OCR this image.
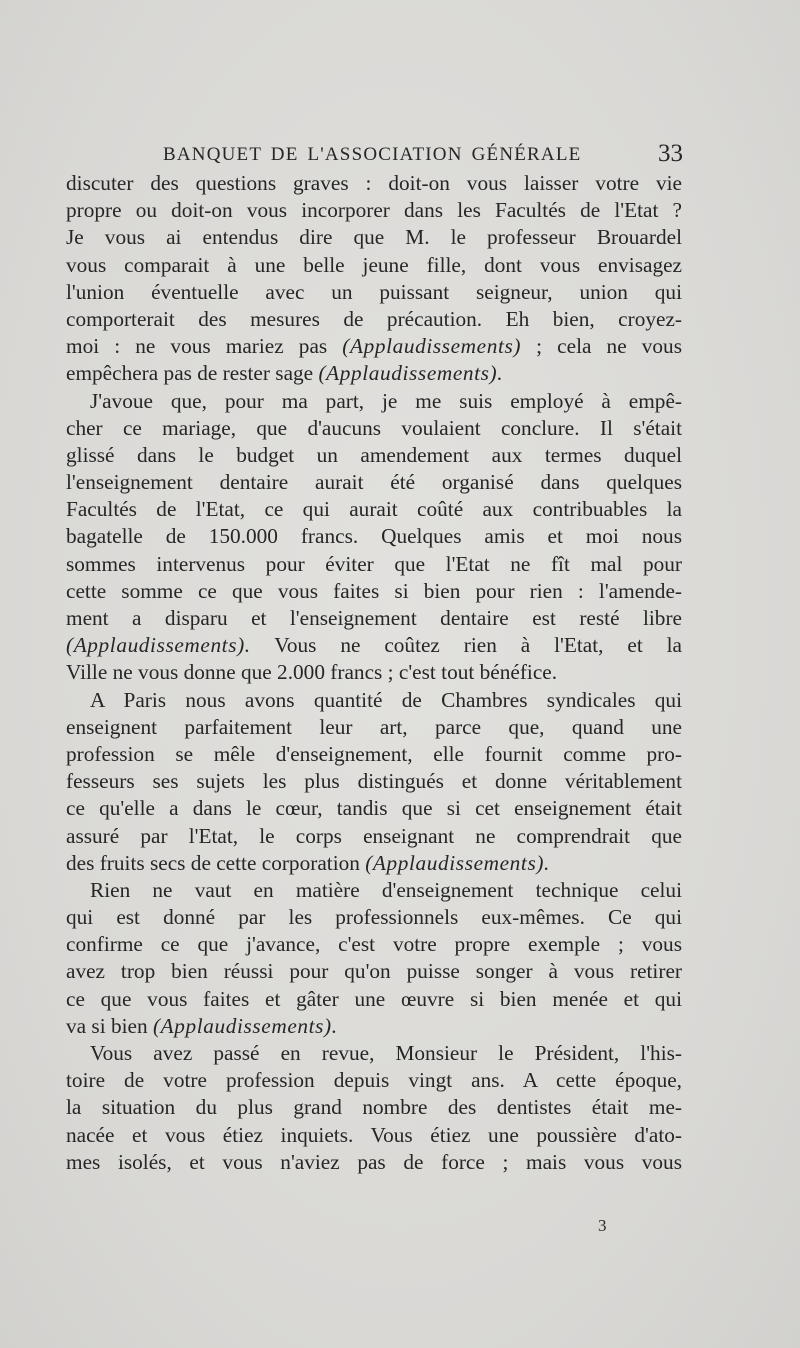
BANQUET DE L'ASSOCIATION GÉNÉRALE	33
discuter des questions graves : doit-on vous laisser votre vie
propre ou doit-on vous incorporer dans les Facultés de l'Etat ?
Je vous ai entendus dire que M. le professeur Brouardel
vous comparait à une belle jeune fille, dont vous envisagez
l'union éventuelle avec un puissant seigneur, union qui
comporterait des mesures de précaution. Eh bien, croyez-
moi : ne vous mariez pas (Applaudissements) ; cela ne vous
empêchera pas de rester sage (Applaudissements).
J'avoue que, pour ma part, je me suis employé à empê-
cher ce mariage, que d'aucuns voulaient conclure. Il s'était
glissé dans le budget un amendement aux termes duquel
l'enseignement dentaire aurait été organisé dans quelques
Facultés de l'Etat, ce qui aurait coûté aux contribuables la
bagatelle de 150.000 francs. Quelques amis et moi nous
sommes intervenus pour éviter que l'Etat ne fît mal pour
cette somme ce que vous faites si bien pour rien : l'amende-
ment a disparu et l'enseignement dentaire est resté libre
(Applaudissements). Vous ne coûtez rien à l'Etat, et la
Ville ne vous donne que 2.000 francs ; c'est tout bénéfice.
A Paris nous avons quantité de Chambres syndicales qui
enseignent parfaitement leur art, parce que, quand une
profession se mêle d'enseignement, elle fournit comme pro-
fesseurs ses sujets les plus distingués et donne véritablement
ce qu'elle a dans le cœur, tandis que si cet enseignement était
assuré par l'Etat, le corps enseignant ne comprendrait que
des fruits secs de cette corporation (Applaudissements).
Rien ne vaut en matière d'enseignement technique celui
qui est donné par les professionnels eux-mêmes. Ce qui
confirme ce que j'avance, c'est votre propre exemple ; vous
avez trop bien réussi pour qu'on puisse songer à vous retirer
ce que vous faites et gâter une œuvre si bien menée et qui
va si bien (Applaudissements).
Vous avez passé en revue, Monsieur le Président, l'his-
toire de votre profession depuis vingt ans. A cette époque,
la situation du plus grand nombre des dentistes était me-
nacée et vous étiez inquiets. Vous étiez une poussière d'ato-
mes isolés, et vous n'aviez pas de force ; mais vous vous
3
